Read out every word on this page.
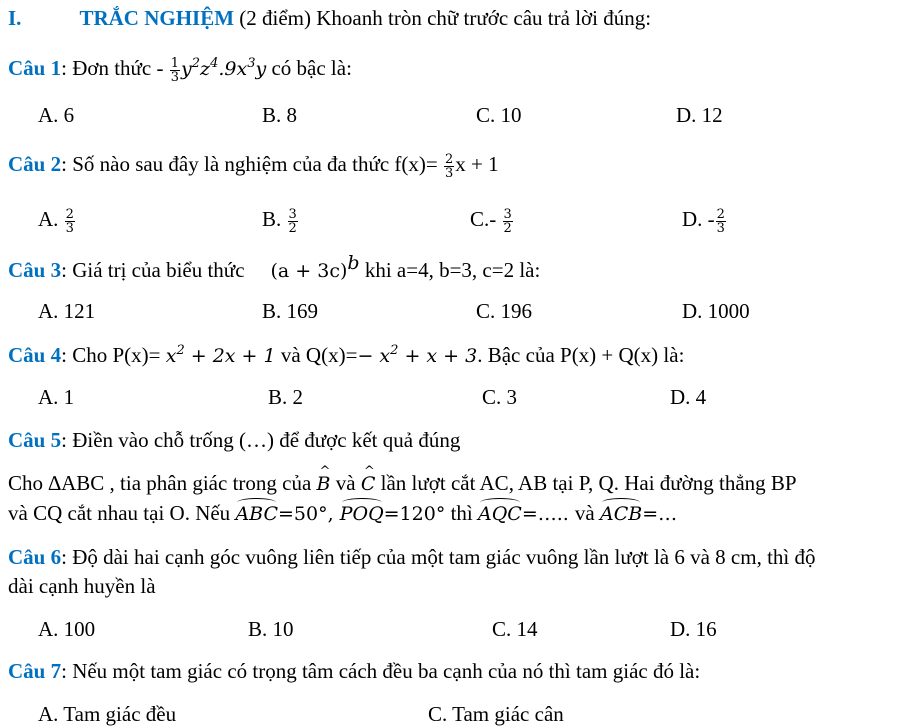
I.	TRẮC NGHIỆM (2 điểm) Khoanh tròn chữ trước câu trả lời đúng:
Câu 1: Đơn thức - $\frac{1}{3} y^2z^4.9x^3y$ có bậc là:
A. 6	B. 8	C. 10	D. 12
Câu 2: Số nào sau đây là nghiệm của đa thức $f(x)= \frac{2}{3}$ x + 1
A. $\frac{2}{3}$	B. $\frac{3}{2}$	$C.- \frac{3}{2}$	D. - $\frac{2}{3}$
Câu 3: Giá trị của biểu thức $(a + 3c)^b$ khi a=4, b=3, c=2 là:
A. 121	B. 169	C. 196	D. 1000
Câu 4: Cho $P(x)= x^2 + 2x + 1$ và $Q(x)=- x^2 + x + 3$. Bậc của P(x) + Q(x) là:
A. 1	B. 2	C. 3	D. 4
Câu 5: Điền vào chỗ trống (…) để được kết quả đúng
Cho ∆ABC , tia phân giác trong của ^ B và ^ C lần lượt cắt AC, AB tại P, Q. Hai đường thẳng BP
và CQ cắt nhau tại O. Nếu ABC=50°, POQ=120° thì AQC=….. và ACB=…
Câu 6: Độ dài hai cạnh góc vuông liên tiếp của một tam giác vuông lần lượt là 6 và 8 cm, thì độ
dài cạnh huyền là
A. 100	B. 10	C. 14	D. 16
Câu 7: Nếu một tam giác có trọng tâm cách đều ba cạnh của nó thì tam giác đó là:
A. Tam giác đều	C. Tam giác cân
